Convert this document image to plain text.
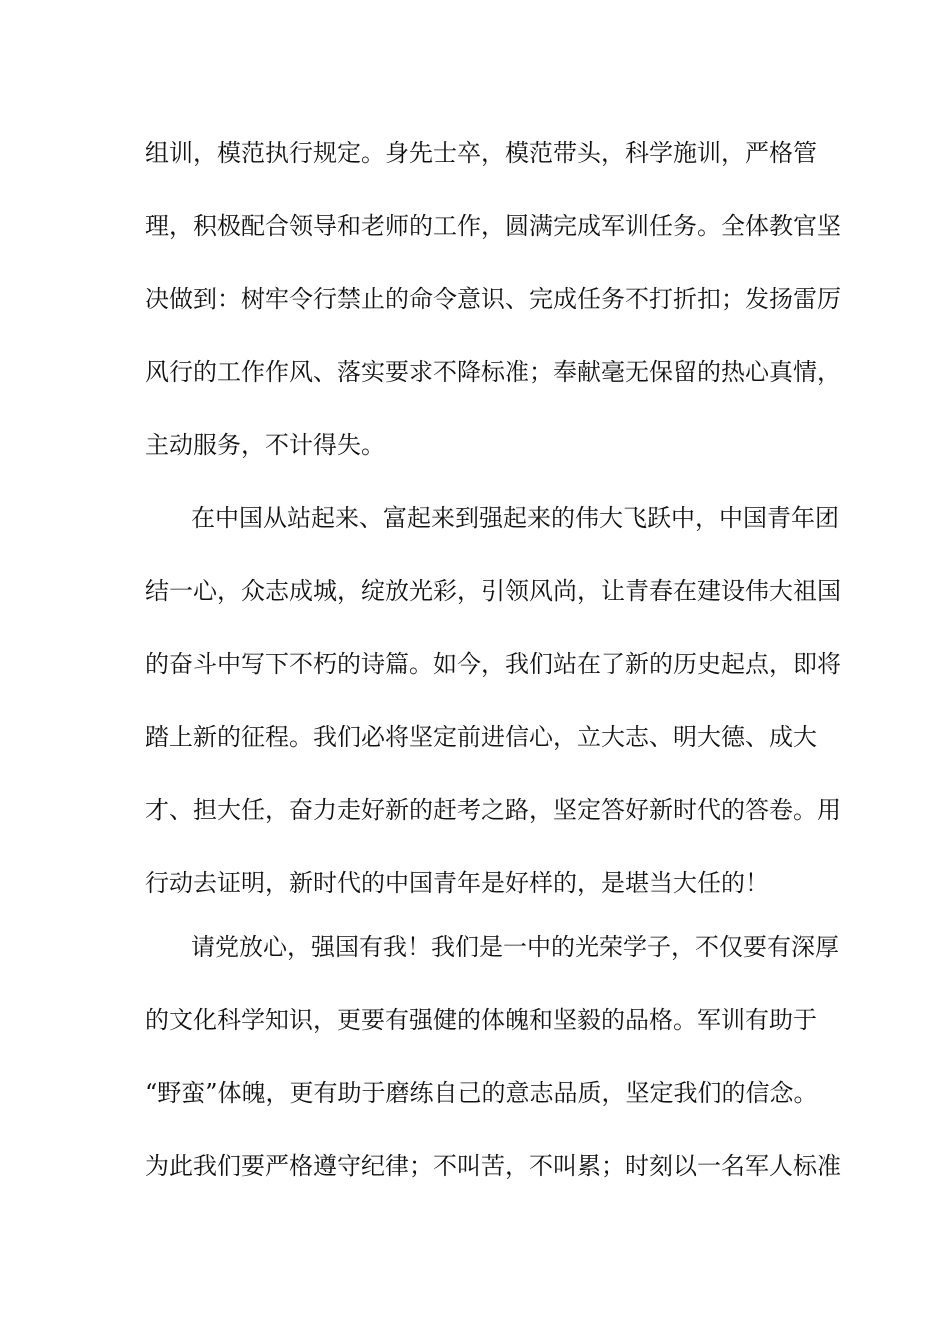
组训，模范执行规定。身先士卒，模范带头，科学施训，严格管
理，积极配合领导和老师的工作，圆满完成军训任务。全体教官坚
决做到：树牢令行禁止的命令意识、完成任务不打折扣；发扬雷厉
风行的工作作风、落实要求不降标准；奉献毫无保留的热心真情，
主动服务，不计得失。
在中国从站起来、富起来到强起来的伟大飞跃中，中国青年团
结一心，众志成城，绽放光彩，引领风尚，让青春在建设伟大祖国
的奋斗中写下不朽的诗篇。如今，我们站在了新的历史起点，即将
踏上新的征程。我们必将坚定前进信心，立大志、明大德、成大
才、担大任，奋力走好新的赶考之路，坚定答好新时代的答卷。用
行动去证明，新时代的中国青年是好样的，是堪当大任的！
请党放心，强国有我！我们是一中的光荣学子，不仅要有深厚
的文化科学知识，更要有强健的体魄和坚毅的品格。军训有助于
“野蛮”体魄，更有助于磨练自己的意志品质，坚定我们的信念。
为此我们要严格遵守纪律；不叫苦，不叫累；时刻以一名军人标准
